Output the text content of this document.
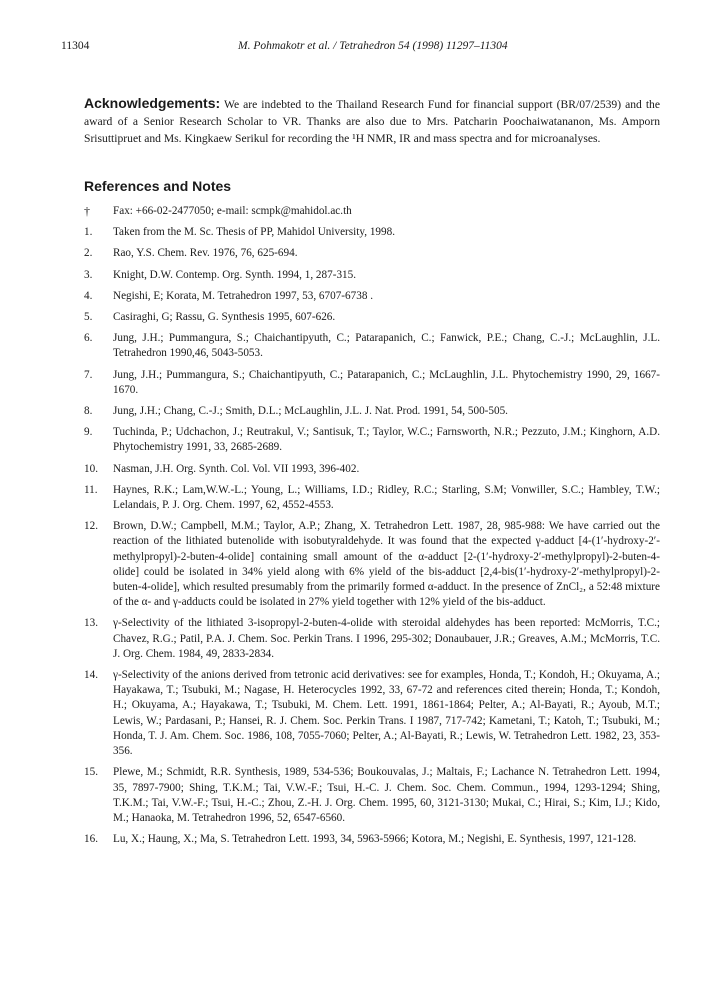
11304	M. Pohmakotr et al. / Tetrahedron 54 (1998) 11297–11304
Acknowledgements: We are indebted to the Thailand Research Fund for financial support (BR/07/2539) and the award of a Senior Research Scholar to VR. Thanks are also due to Mrs. Patcharin Poochaiwatananon, Ms. Amporn Srisuttipruet and Ms. Kingkaew Serikul for recording the ¹H NMR, IR and mass spectra and for microanalyses.
References and Notes
†	Fax: +66-02-2477050; e-mail: scmpk@mahidol.ac.th
1.	Taken from the M. Sc. Thesis of PP, Mahidol University, 1998.
2.	Rao, Y.S. Chem. Rev. 1976, 76, 625-694.
3.	Knight, D.W. Contemp. Org. Synth. 1994, 1, 287-315.
4.	Negishi, E; Korata, M. Tetrahedron 1997, 53, 6707-6738 .
5.	Casiraghi, G; Rassu, G. Synthesis 1995, 607-626.
6.	Jung, J.H.; Pummangura, S.; Chaichantipyuth, C.; Patarapanich, C.; Fanwick, P.E.; Chang, C.-J.; McLaughlin, J.L. Tetrahedron 1990,46, 5043-5053.
7.	Jung, J.H.; Pummangura, S.; Chaichantipyuth, C.; Patarapanich, C.; McLaughlin, J.L. Phytochemistry 1990, 29, 1667-1670.
8.	Jung, J.H.; Chang, C.-J.; Smith, D.L.; McLaughlin, J.L. J. Nat. Prod. 1991, 54, 500-505.
9.	Tuchinda, P.; Udchachon, J.; Reutrakul, V.; Santisuk, T.; Taylor, W.C.; Farnsworth, N.R.; Pezzuto, J.M.; Kinghorn, A.D. Phytochemistry 1991, 33, 2685-2689.
10.	Nasman, J.H. Org. Synth. Col. Vol. VII 1993, 396-402.
11.	Haynes, R.K.; Lam,W.W.-L.; Young, L.; Williams, I.D.; Ridley, R.C.; Starling, S.M; Vonwiller, S.C.; Hambley, T.W.; Lelandais, P. J. Org. Chem. 1997, 62, 4552-4553.
12.	Brown, D.W.; Campbell, M.M.; Taylor, A.P.; Zhang, X. Tetrahedron Lett. 1987, 28, 985-988: We have carried out the reaction of the lithiated butenolide with isobutyraldehyde. It was found that the expected γ-adduct [4-(1′-hydroxy-2′-methylpropyl)-2-buten-4-olide] containing small amount of the α-adduct [2-(1′-hydroxy-2′-methylpropyl)-2-buten-4-olide] could be isolated in 34% yield along with 6% yield of the bis-adduct [2,4-bis(1′-hydroxy-2′-methylpropyl)-2-buten-4-olide], which resulted presumably from the primarily formed α-adduct. In the presence of ZnCl₂, a 52:48 mixture of the α- and γ-adducts could be isolated in 27% yield together with 12% yield of the bis-adduct.
13.	γ-Selectivity of the lithiated 3-isopropyl-2-buten-4-olide with steroidal aldehydes has been reported: McMorris, T.C.; Chavez, R.G.; Patil, P.A. J. Chem. Soc. Perkin Trans. I 1996, 295-302; Donaubauer, J.R.; Greaves, A.M.; McMorris, T.C. J. Org. Chem. 1984, 49, 2833-2834.
14.	γ-Selectivity of the anions derived from tetronic acid derivatives: see for examples, Honda, T.; Kondoh, H.; Okuyama, A.; Hayakawa, T.; Tsubuki, M.; Nagase, H. Heterocycles 1992, 33, 67-72 and references cited therein; Honda, T.; Kondoh, H.; Okuyama, A.; Hayakawa, T.; Tsubuki, M. Chem. Lett. 1991, 1861-1864; Pelter, A.; Al-Bayati, R.; Ayoub, M.T.; Lewis, W.; Pardasani, P.; Hansei, R. J. Chem. Soc. Perkin Trans. I 1987, 717-742; Kametani, T.; Katoh, T.; Tsubuki, M.; Honda, T. J. Am. Chem. Soc. 1986, 108, 7055-7060; Pelter, A.; Al-Bayati, R.; Lewis, W. Tetrahedron Lett. 1982, 23, 353-356.
15.	Plewe, M.; Schmidt, R.R. Synthesis, 1989, 534-536; Boukouvalas, J.; Maltais, F.; Lachance N. Tetrahedron Lett. 1994, 35, 7897-7900; Shing, T.K.M.; Tai, V.W.-F.; Tsui, H.-C. J. Chem. Soc. Chem. Commun., 1994, 1293-1294; Shing, T.K.M.; Tai, V.W.-F.; Tsui, H.-C.; Zhou, Z.-H. J. Org. Chem. 1995, 60, 3121-3130; Mukai, C.; Hirai, S.; Kim, I.J.; Kido, M.; Hanaoka, M. Tetrahedron 1996, 52, 6547-6560.
16.	Lu, X.; Haung, X.; Ma, S. Tetrahedron Lett. 1993, 34, 5963-5966; Kotora, M.; Negishi, E. Synthesis, 1997, 121-128.
